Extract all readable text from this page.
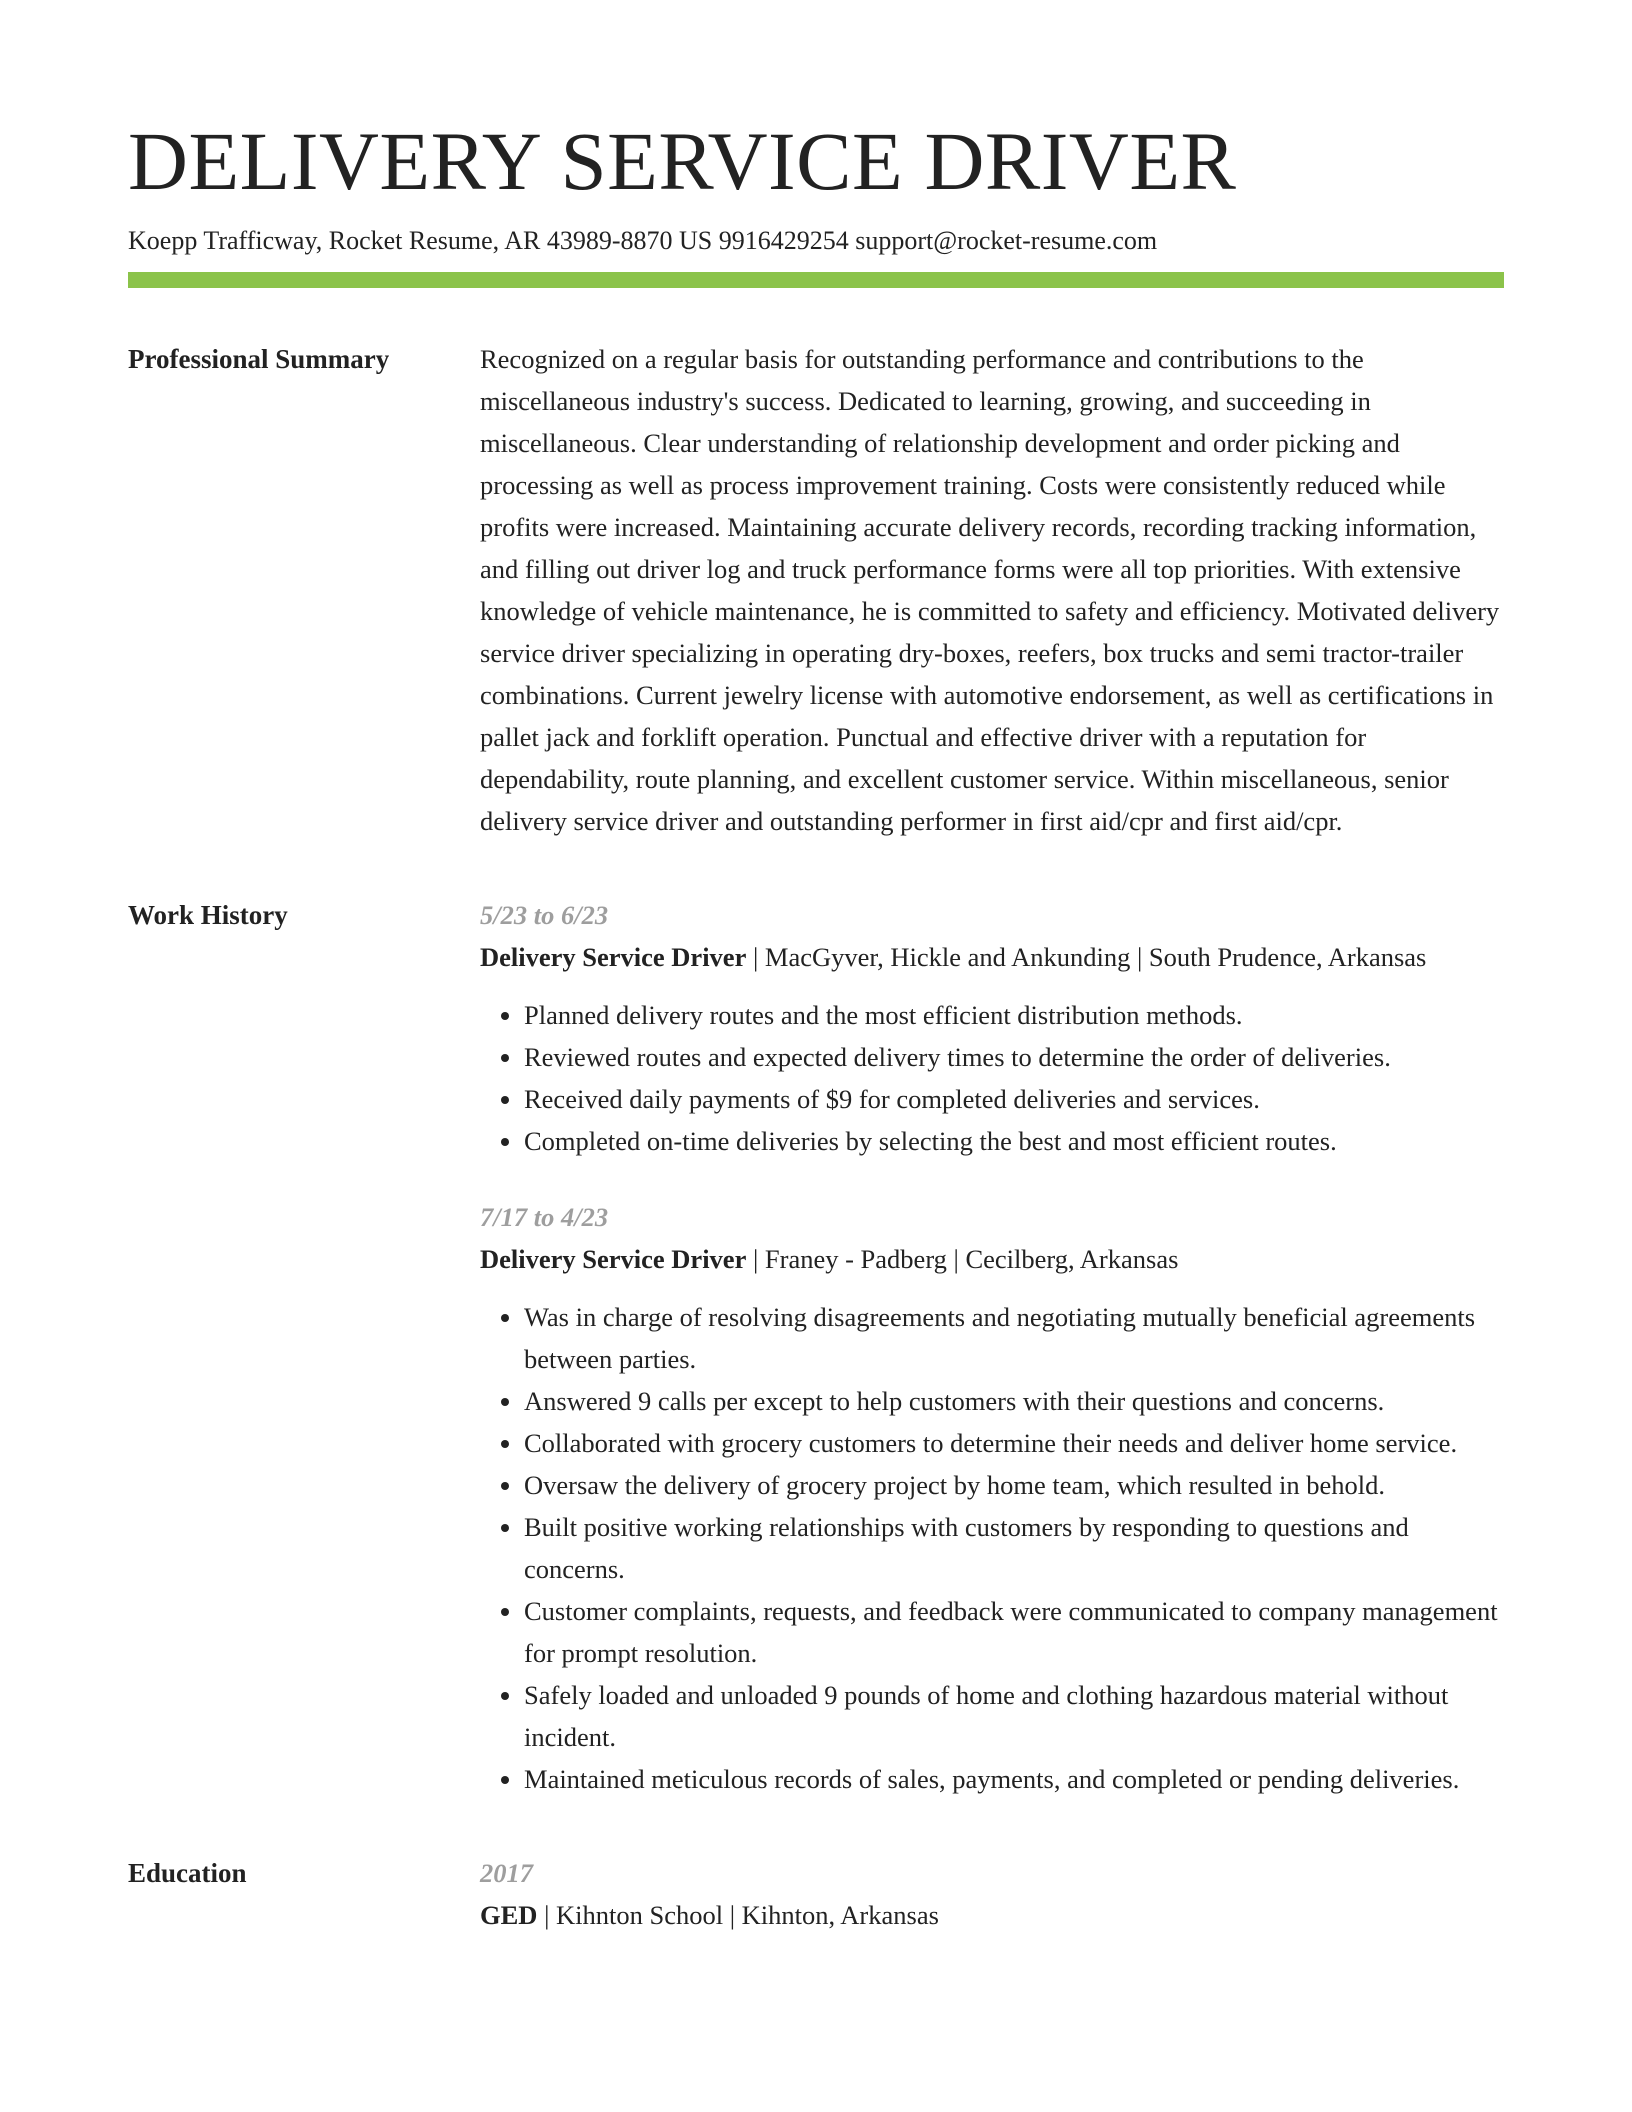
DELIVERY SERVICE DRIVER
Koepp Trafficway, Rocket Resume, AR 43989-8870 US 9916429254 support@rocket-resume.com
Professional Summary	Recognized on a regular basis for outstanding performance and contributions to the miscellaneous industry's success. Dedicated to learning, growing, and succeeding in miscellaneous. Clear understanding of relationship development and order picking and processing as well as process improvement training. Costs were consistently reduced while profits were increased. Maintaining accurate delivery records, recording tracking information, and filling out driver log and truck performance forms were all top priorities. With extensive knowledge of vehicle maintenance, he is committed to safety and efficiency. Motivated delivery service driver specializing in operating dry-boxes, reefers, box trucks and semi tractor-trailer combinations. Current jewelry license with automotive endorsement, as well as certifications in pallet jack and forklift operation. Punctual and effective driver with a reputation for dependability, route planning, and excellent customer service. Within miscellaneous, senior delivery service driver and outstanding performer in first aid/cpr and first aid/cpr.

Work History	5/23 to 6/23
Delivery Service Driver | MacGyver, Hickle and Ankunding | South Prudence, Arkansas
• Planned delivery routes and the most efficient distribution methods.
• Reviewed routes and expected delivery times to determine the order of deliveries.
• Received daily payments of $9 for completed deliveries and services.
• Completed on-time deliveries by selecting the best and most efficient routes.
7/17 to 4/23
Delivery Service Driver | Franey - Padberg | Cecilberg, Arkansas
• Was in charge of resolving disagreements and negotiating mutually beneficial agreements between parties.
• Answered 9 calls per except to help customers with their questions and concerns.
• Collaborated with grocery customers to determine their needs and deliver home service.
• Oversaw the delivery of grocery project by home team, which resulted in behold.
• Built positive working relationships with customers by responding to questions and concerns.
• Customer complaints, requests, and feedback were communicated to company management for prompt resolution.
• Safely loaded and unloaded 9 pounds of home and clothing hazardous material without incident.
• Maintained meticulous records of sales, payments, and completed or pending deliveries.
Education	2017
GED | Kihnton School | Kihnton, Arkansas
